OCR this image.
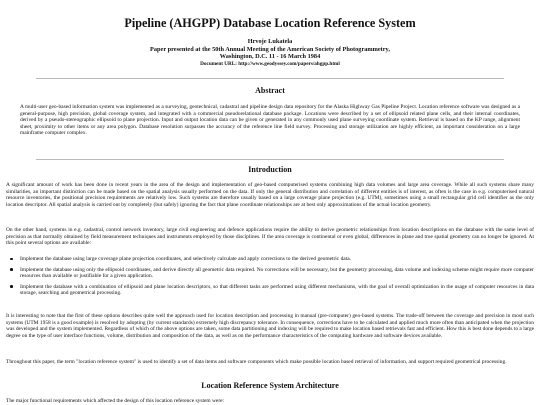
Pipeline (AHGPP) Database Location Reference System
Hrvoje Lukatela
Paper presented at the 50th Annual Meeting of the American Society of Photogrammetry,
Washington, D.C. 11 - 16 March 1984
Document URL: http://www.geodyssey.com/papers/ahgpp.html
Abstract

A multi-user geo-based information system was implemented as a surveying, geotechnical, cadastral and pipeline design data repository for the Alaska Highway Gas Pipeline Project. Location reference software was designed as a general-purpose, high precision, global coverage system, and integrated with a commercial pseudorelational database package. Locations were described by a set of ellipsoid related plane cells, and their internal coordinates, derived by a pseudo-stereographic ellipsoid to plane projection. Input and output location data can be given or generated in any commonly used plane surveying coordinate system. Retrieval is based on the KP range, alignment sheet, proximity to other items or any area polygon. Database resolution surpasses the accuracy of the reference line field survey. Processing and storage utilization are highly efficient, an important consideration on a large mainframe computer complex.

Introduction

A significant amount of work has been done in recent years in the area of the design and implementation of geo-based computerised systems combining high data volumes and large area coverage. While all such systems share many similarities, an important distinction can be made based on the spatial analysis usually performed on the data. If only the general distribution and correlation of different entities is of interest, as often is the case in e.g. computerised natural resource inventories, the positional precision requirements are relatively low. Such systems are therefore usually based on a large coverage plane projection (e.g. UTM), sometimes using a small rectangular grid cell identifier as the only location descriptor. All spatial analysis is carried out by completely (but safely) ignoring the fact that plane coordinate relationships are at best only approximations of the actual location geometry.

On the other hand, systems in e.g. cadastral, control network inventory, large civil engineering and defence applications require the ability to derive geometric relationships from location descriptions on the database with the same level of precision as that normally obtained by field measurement techniques and instruments employed by those disciplines. If the area coverage is continental or even global, differences in plane and true spatial geometry can no longer be ignored. At this point several options are available:

Implement the database using large coverage plane projection coordinates, and selectively calculate and apply corrections to the derived geometric data.
Implement the database using only the ellipsoid coordinates, and derive directly all geometric data required. No corrections will be necessary, but the geometry processing, data volume and indexing scheme might require more computer resources than available or justifiable for a given application.
Implement the database with a combination of ellipsoid and plane location descriptors, so that different tasks are performed using different mechanisms, with the goal of overall optimization in the usage of computer resources in data storage, searching and geometrical processing.

It is interesting to note that the first of these options describes quite well the approach used for location description and processing in manual (pre-computer) geo-based systems. The trade-off between the coverage and precision in most such systems (UTM 1958 is a good example) is resolved by adopting (by current standards) extremely high discrepancy tolerance. In consequence, corrections have to be calculated and applied much more often than anticipated when the projection was developed and the system implemented. Regardless of which of the above options are taken, some data partitioning and indexing will be required to make location based retrievals fast and efficient. How this is best done depends to a large degree on the type of user interface functions, volume, distribution and composition of the data, as well as on the performance characteristics of the computing hardware and software devices available.

Throughout this paper, the term "location reference system" is used to identify a set of data items and software components which make possible location based retrieval of information, and support required geometrical processing.

Location Reference System Architecture

The major functional requirements which affected the design of this location reference system were:
